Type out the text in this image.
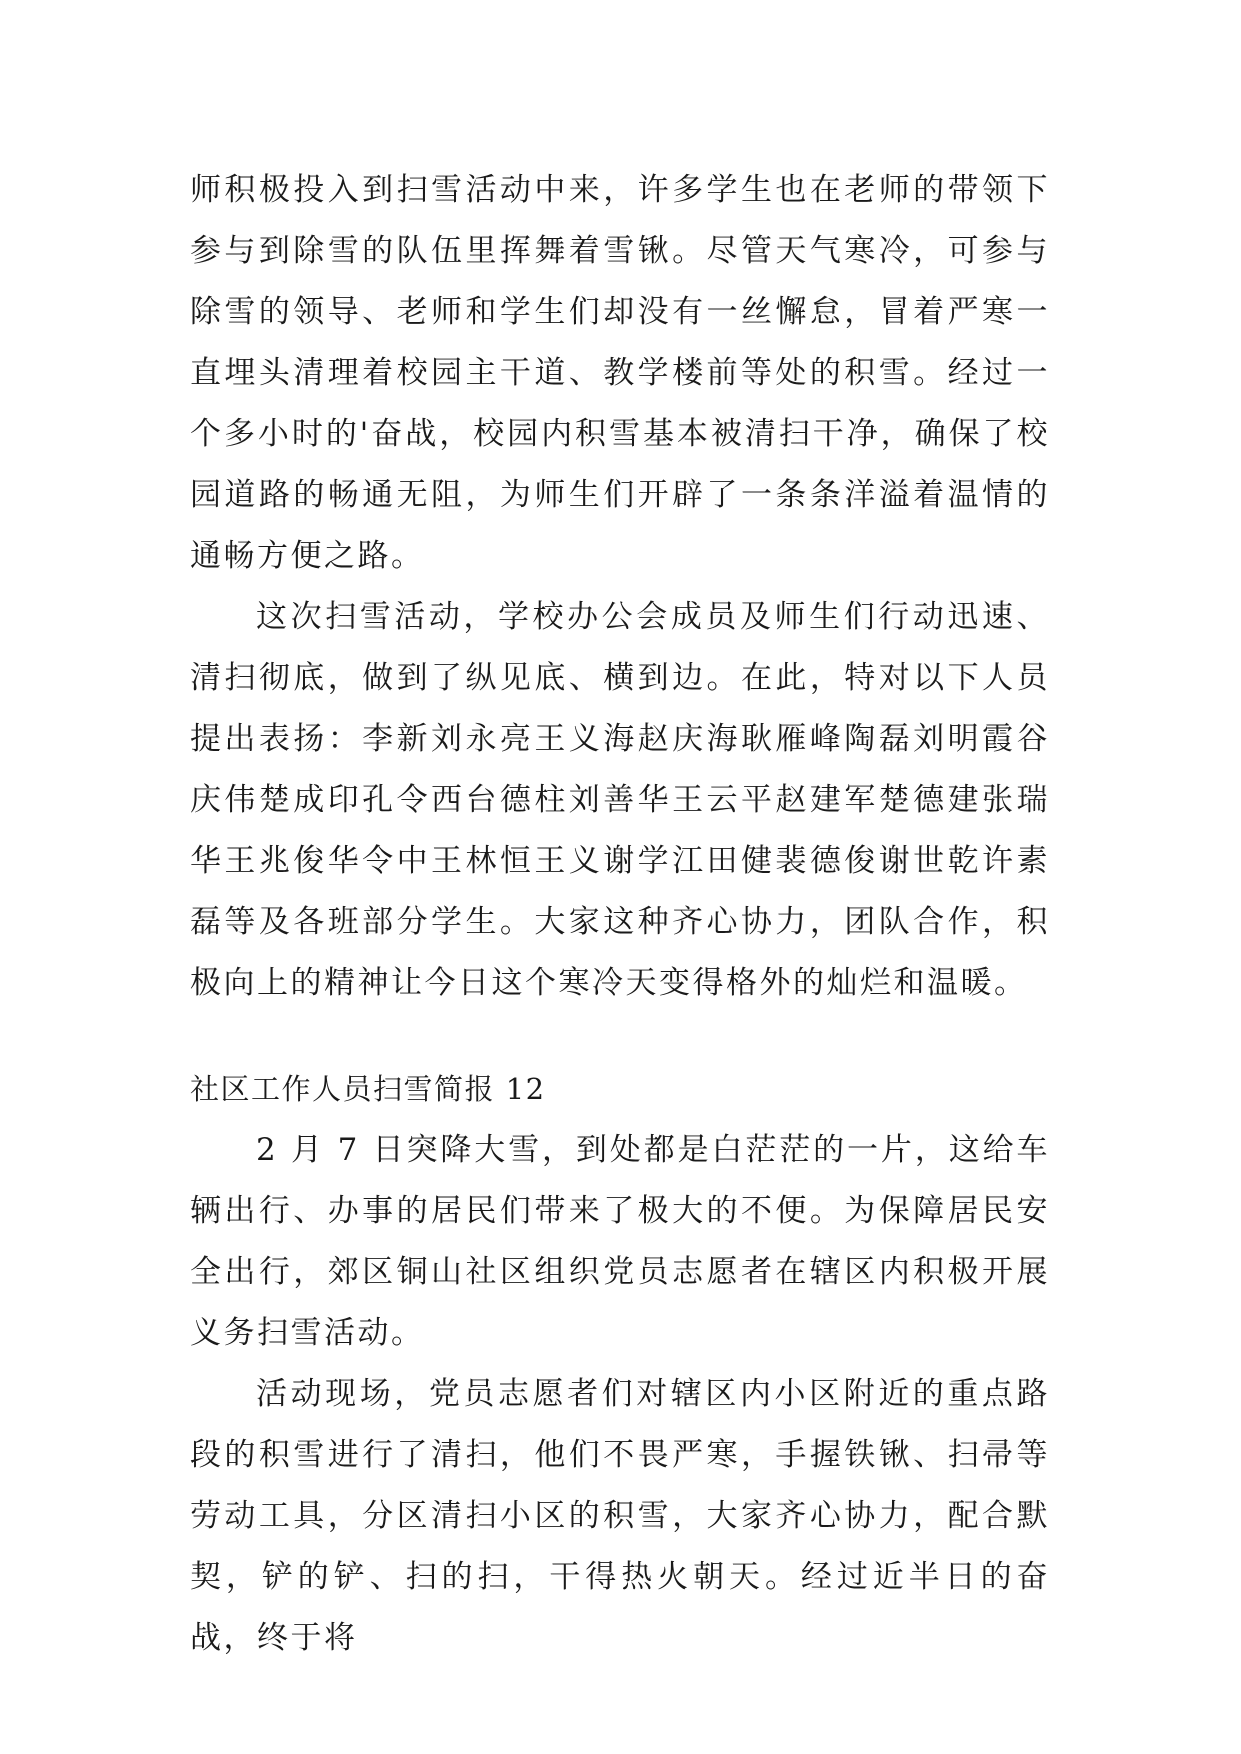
师积极投入到扫雪活动中来，许多学生也在老师的带领下参与到除雪的队伍里挥舞着雪锹。尽管天气寒冷，可参与除雪的领导、老师和学生们却没有一丝懈怠，冒着严寒一直埋头清理着校园主干道、教学楼前等处的积雪。经过一个多小时的'奋战，校园内积雪基本被清扫干净，确保了校园道路的畅通无阻，为师生们开辟了一条条洋溢着温情的通畅方便之路。

这次扫雪活动，学校办公会成员及师生们行动迅速、清扫彻底，做到了纵见底、横到边。在此，特对以下人员提出表扬：李新刘永亮王义海赵庆海耿雁峰陶磊刘明霞谷庆伟楚成印孔令西台德柱刘善华王云平赵建军楚德建张瑞华王兆俊华令中王林恒王义谢学江田健裴德俊谢世乾许素磊等及各班部分学生。大家这种齐心协力，团队合作，积极向上的精神让今日这个寒冷天变得格外的灿烂和温暖。

社区工作人员扫雪简报 12

2 月 7 日突降大雪，到处都是白茫茫的一片，这给车辆出行、办事的居民们带来了极大的不便。为保障居民安全出行，郊区铜山社区组织党员志愿者在辖区内积极开展义务扫雪活动。

活动现场，党员志愿者们对辖区内小区附近的重点路段的积雪进行了清扫，他们不畏严寒，手握铁锹、扫帚等劳动工具，分区清扫小区的积雪，大家齐心协力，配合默契，铲的铲、扫的扫，干得热火朝天。经过近半日的奋战，终于将
